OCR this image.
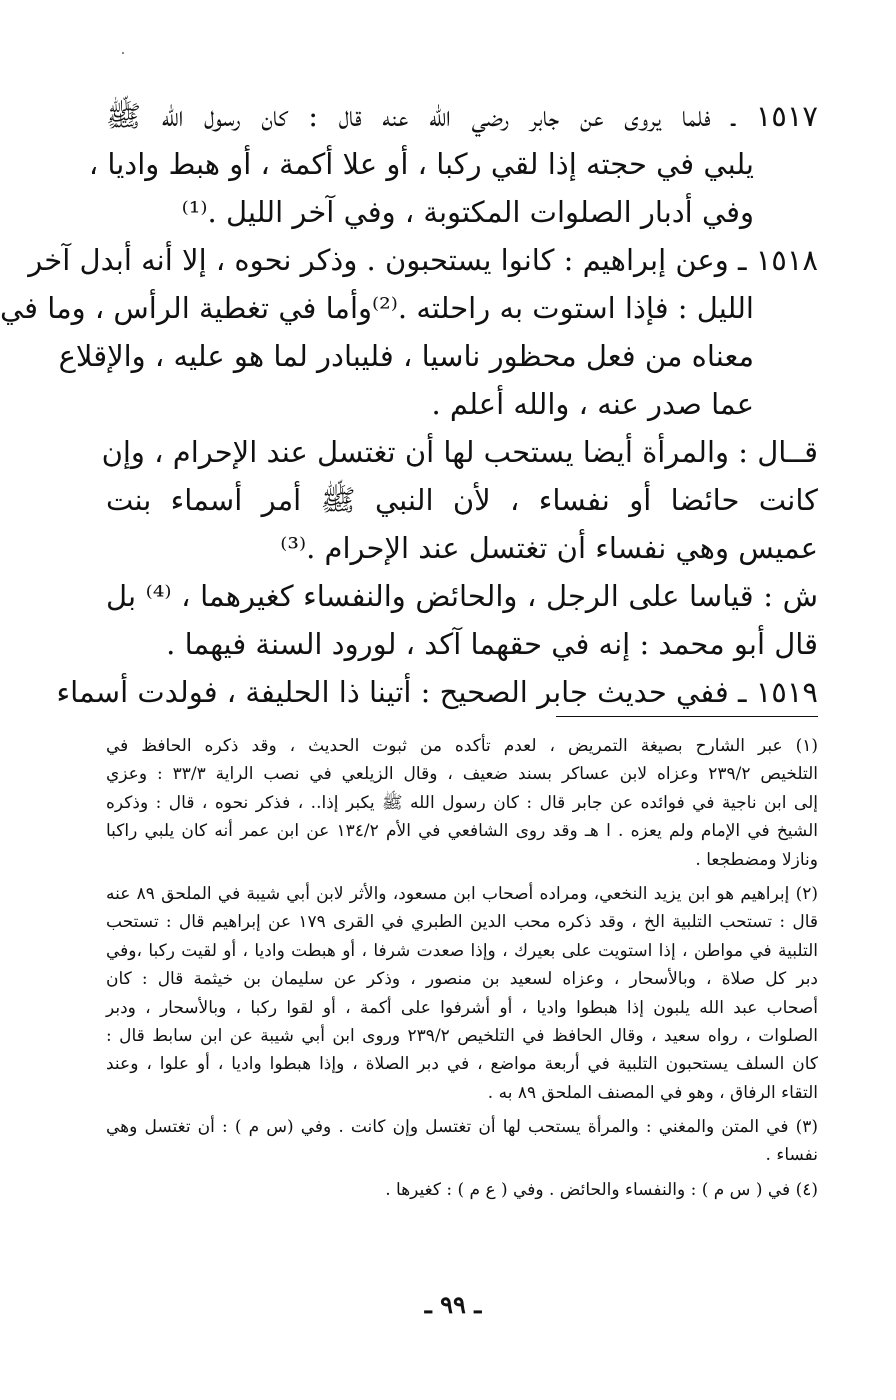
١٥١٧ ـ فلما يروى عن جابر رضي الله عنه قال : كان رسول الله ﷺ
يلبي في حجته إذا لقي ركبا ، أو علا أكمة ، أو هبط واديا ،
وفي أدبار الصلوات المكتوبة ، وفي آخر الليل .⁽¹⁾
١٥١٨ ـ وعن إبراهيم : كانوا يستحبون . وذكر نحوه ، إلا أنه أبدل آخر
الليل : فإذا استوت به راحلته .⁽²⁾وأما في تغطية الرأس ، وما في
معناه من فعل محظور ناسيا ، فليبادر لما هو عليه ، والإقلاع
عما صدر عنه ، والله أعلم .
قــال : والمرأة أيضا يستحب لها أن تغتسل عند الإحرام ، وإن
كانت حائضا أو نفساء ، لأن النبي ﷺ أمر أسماء بنت
عميس وهي نفساء أن تغتسل عند الإحرام .⁽³⁾
ش : قياسا على الرجل ، والحائض والنفساء كغيرهما ، ⁽⁴⁾ بل
قال أبو محمد : إنه في حقهما آكد ، لورود السنة فيهما .
١٥١٩ ـ ففي حديث جابر الصحيح : أتينا ذا الحليفة ، فولدت أسماء
(١) عبر الشارح بصيغة التمريض ، لعدم تأكده من ثبوت الحديث ، وقد ذكره الحافظ في
التلخيص ٢٣٩/٢ وعزاه لابن عساكر بسند ضعيف ، وقال الزيلعي في نصب الراية ٣٣/٣ : وعزي
إلى ابن ناجية في فوائده عن جابر قال : كان رسول الله ﷺ يكبر إذا.. ، فذكر نحوه ، قال : وذكره
الشيخ في الإمام ولم يعزه . ا هـ وقد روى الشافعي في الأم ١٣٤/٢ عن ابن عمر أنه كان يلبي راكبا
ونازلا ومضطجعا .
(٢) إبراهيم هو ابن يزيد النخعي، ومراده أصحاب ابن مسعود، والأثر لابن أبي شيبة في الملحق ٨٩ عنه
قال : تستحب التلبية الخ ، وقد ذكره محب الدين الطبري في القرى ١٧٩ عن إبراهيم قال : تستحب
التلبية في مواطن ، إذا استويت على بعيرك ، وإذا صعدت شرفا ، أو هبطت واديا ، أو لقيت ركبا ،وفي
دبر كل صلاة ، وبالأسحار ، وعزاه لسعيد بن منصور ، وذكر عن سليمان بن خيثمة قال : كان
أصحاب عبد الله يلبون إذا هبطوا واديا ، أو أشرفوا على أكمة ، أو لقوا ركبا ، وبالأسحار ، ودبر
الصلوات ، رواه سعيد ، وقال الحافظ في التلخيص ٢٣٩/٢ وروى ابن أبي شيبة عن ابن سابط قال :
كان السلف يستحبون التلبية في أربعة مواضع ، في دبر الصلاة ، وإذا هبطوا واديا ، أو علوا ، وعند
التقاء الرفاق ، وهو في المصنف الملحق ٨٩ به .
(٣) في المتن والمغني : والمرأة يستحب لها أن تغتسل وإن كانت . وفي (س م ) : أن تغتسل وهي
نفساء .
(٤) في ( س م ) : والنفساء والحائض . وفي ( ع م ) : كغيرها .
ـ ٩٩ ـ
